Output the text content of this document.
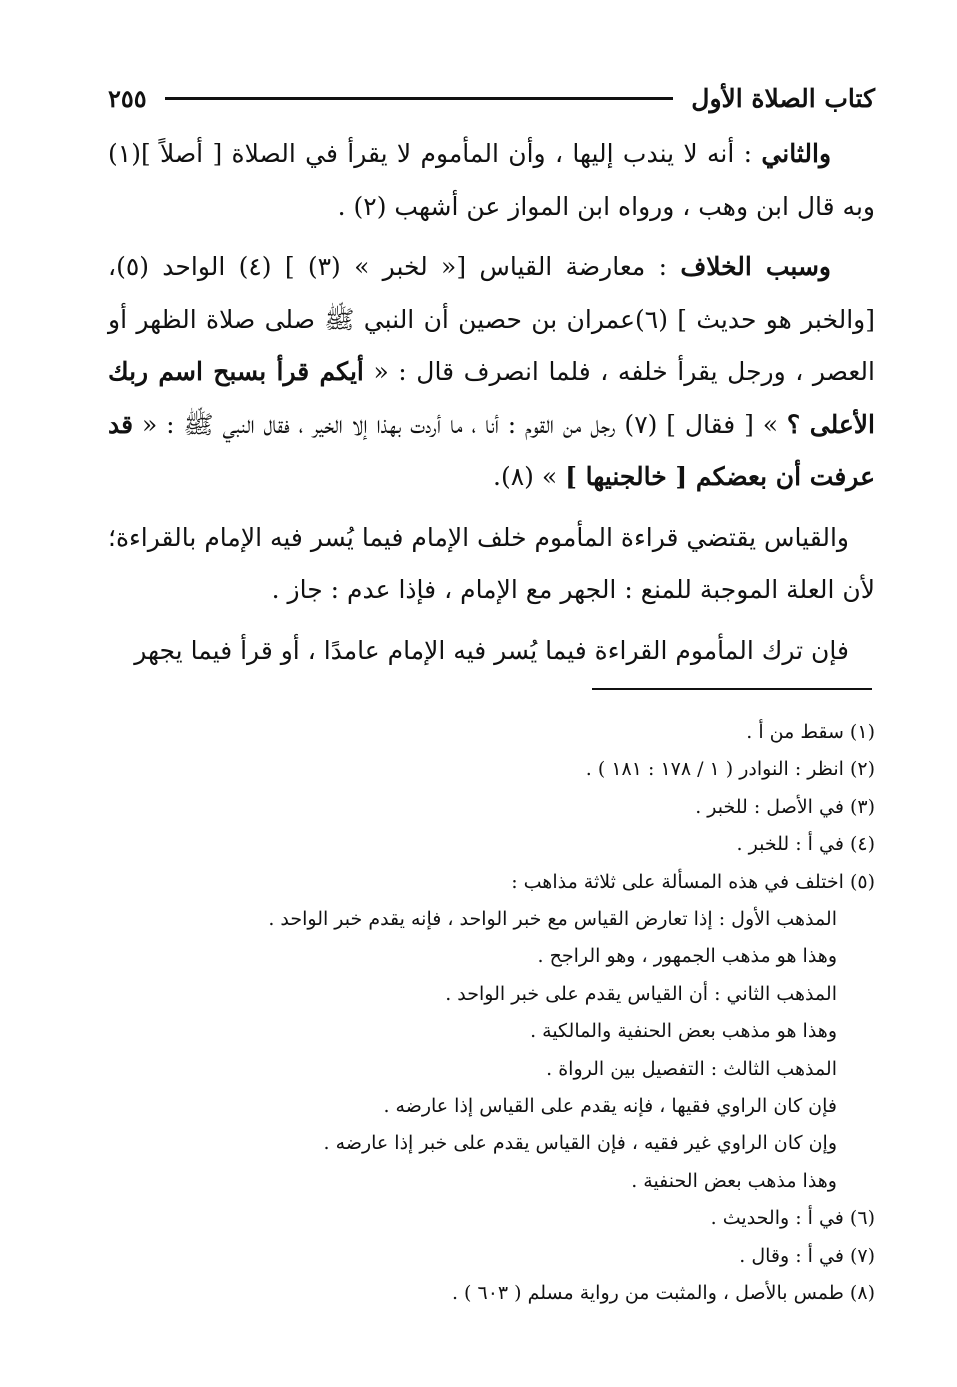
كتاب الصلاة الأول
٢٥٥

والثاني : أنه لا يندب إليها ، وأن المأموم لا يقرأ في الصلاة [ أصلاً ](١) وبه قال ابن وهب ، ورواه ابن المواز عن أشهب (٢) .

وسبب الخلاف : معارضة القياس [« لخبر » (٣) ] (٤) الواحد (٥)، [والخبر هو حديث ] (٦)عمران بن حصين أن النبي ﷺ صلى صلاة الظهر أو العصر ، ورجل يقرأ خلفه ، فلما انصرف قال : « أيكم قرأ بسبح اسم ربك الأعلى ؟ » [ فقال ] (٧) رجل من القوم : أنا ، ما أردت بهذا إلا الخير ، فقال النبي ﷺ : « قد عرفت أن بعضكم [ خالجنيها ] » (٨).

والقياس يقتضي قراءة المأموم خلف الإمام فيما يُسر فيه الإمام بالقراءة؛ لأن العلة الموجبة للمنع : الجهر مع الإمام ، فإذا عدم : جاز .

فإن ترك المأموم القراءة فيما يُسر فيه الإمام عامدًا ، أو قرأ فيما يجهر

(١) سقط من أ .
(٢) انظر : النوادر ( ١ / ١٧٨ : ١٨١ ) .
(٣) في الأصل : للخبر .
(٤) في أ : للخبر .
(٥) اختلف في هذه المسألة على ثلاثة مذاهب :
المذهب الأول : إذا تعارض القياس مع خبر الواحد ، فإنه يقدم خبر الواحد .
وهذا هو مذهب الجمهور ، وهو الراجح .
المذهب الثاني : أن القياس يقدم على خبر الواحد .
وهذا هو مذهب بعض الحنفية والمالكية .
المذهب الثالث : التفصيل بين الرواة .
فإن كان الراوي فقيها ، فإنه يقدم على القياس إذا عارضه .
وإن كان الراوي غير فقيه ، فإن القياس يقدم على خبر إذا عارضه .
وهذا مذهب بعض الحنفية .
(٦) في أ : والحديث .
(٧) في أ : وقال .
(٨) طمس بالأصل ، والمثبت من رواية مسلم ( ٦٠٣ ) .
